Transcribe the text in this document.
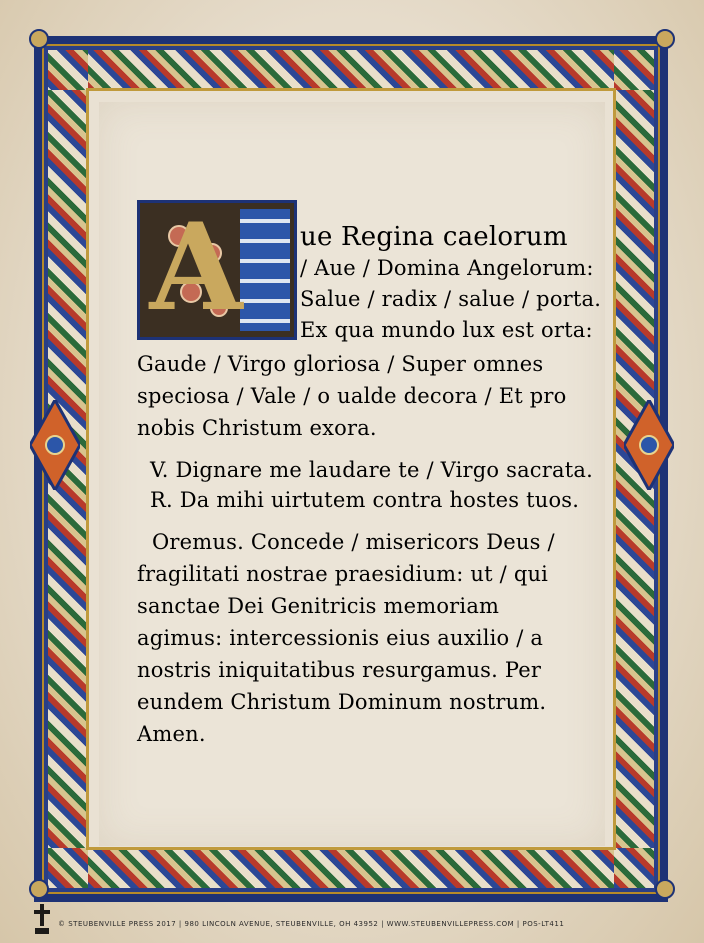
A ue Regina caelorum
/ Aue / Domina Angelorum:
Salue / radix / salue / porta.
Ex qua mundo lux est orta:
Gaude / Virgo gloriosa / Super omnes
speciosa / Vale / o ualde decora / Et pro
nobis Christum exora.
V. Dignare me laudare te / Virgo sacrata.
R. Da mihi uirtutem contra hostes tuos.
Oremus. Concede / misericors Deus /
fragilitati nostrae praesidium: ut / qui
sanctae Dei Genitricis memoriam
agimus: intercessionis eius auxilio / a
nostris iniquitatibus resurgamus. Per
eundem Christum Dominum nostrum.
Amen.
© STEUBENVILLE PRESS 2017 | 980 LINCOLN AVENUE, STEUBENVILLE, OH 43952 | WWW.STEUBENVILLEPRESS.COM | POS-LT411
